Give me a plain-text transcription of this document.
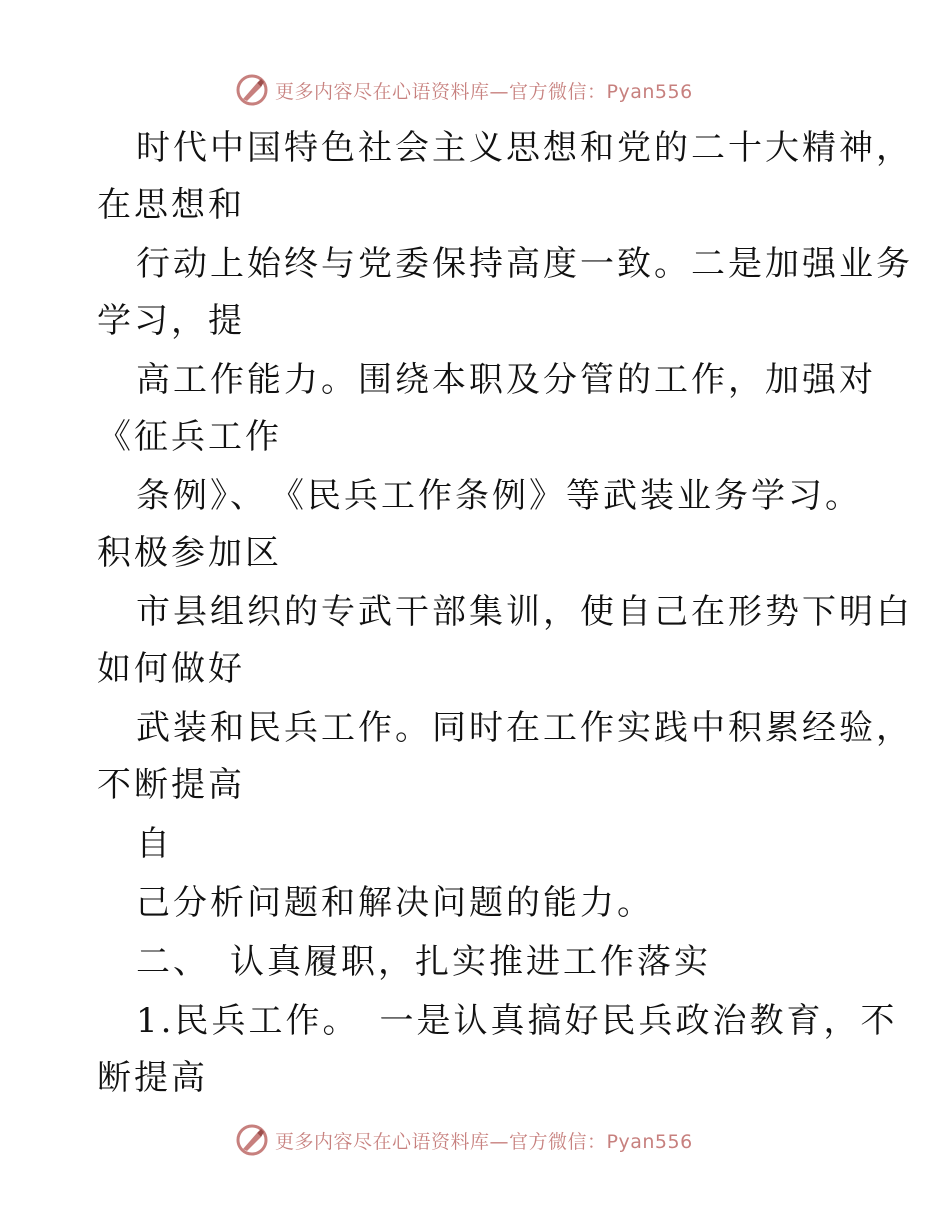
更多内容尽在心语资料库—官方微信：Pyan556
时代中国特色社会主义思想和党的二十大精神，
在思想和
行动上始终与党委保持高度一致。二是加强业务
学习，提
高工作能力。围绕本职及分管的工作，加强对
《征兵工作
条例》、　《民兵工作条例》等武装业务学习。
积极参加区
市县组织的专武干部集训，使自己在形势下明白
如何做好
武装和民兵工作。同时在工作实践中积累经验，
不断提高
自
己分析问题和解决问题的能力。
二、　认真履职，扎实推进工作落实
1.民兵工作。　一是认真搞好民兵政治教育，不
断提高
更多内容尽在心语资料库—官方微信：Pyan556
